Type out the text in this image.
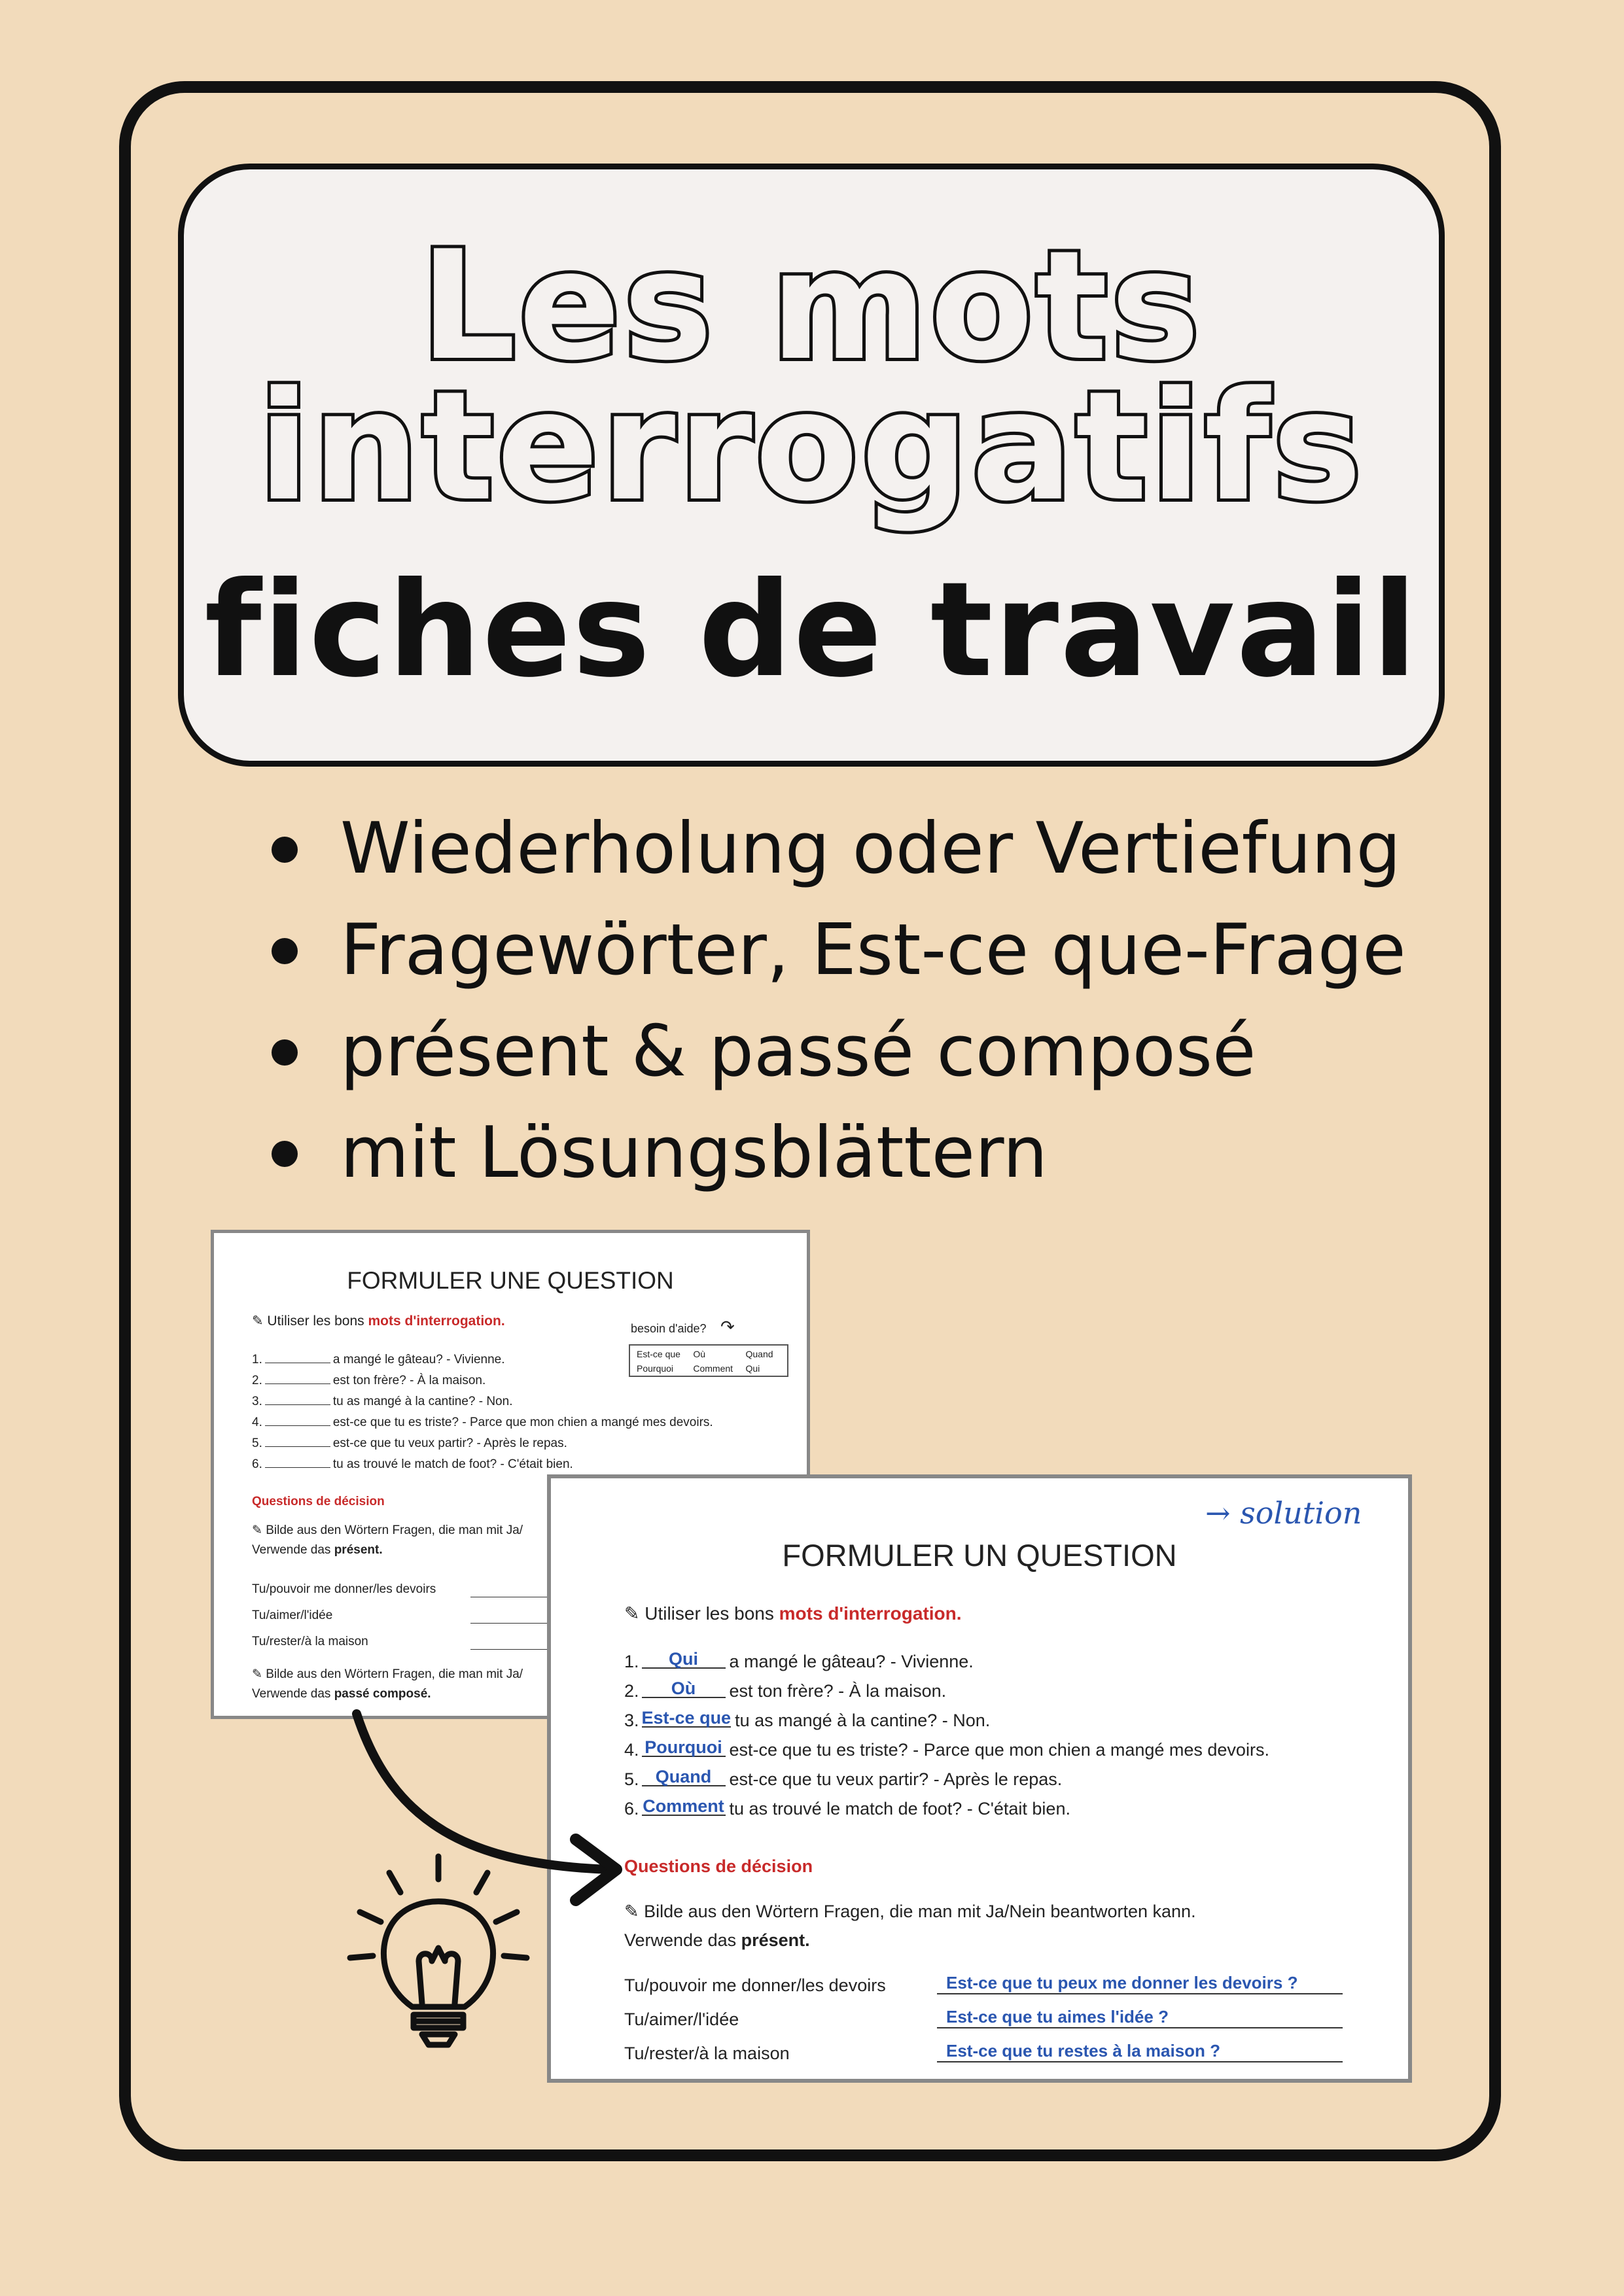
Les mots
interrogatifs
fiches de travail
Wiederholung oder Vertiefung
Fragewörter, Est-ce que-Frage
présent & passé composé
mit Lösungsblättern
FORMULER UNE QUESTION
✎ Utiliser les bons mots d'interrogation.	besoin d'aide? ↷
Est-ce que	Où	Quand
Pourquoi	Comment	Qui
1.	a mangé le gâteau? - Vivienne.
2.	est ton frère? - À la maison.
3.	tu as mangé à la cantine? - Non.
4.	est-ce que tu es triste? - Parce que mon chien a mangé mes devoirs.
5.	est-ce que tu veux partir? - Après le repas.
6.	tu as trouvé le match de foot? - C'était bien.
Questions de décision
✎ Bilde aus den Wörtern Fragen, die man mit Ja/
Verwende das présent.
Tu/pouvoir me donner/les devoirs
Tu/aimer/l'idée
Tu/rester/à la maison
✎ Bilde aus den Wörtern Fragen, die man mit Ja/
Verwende das passé composé.
→ solution
FORMULER UN QUESTION
✎ Utiliser les bons mots d'interrogation.
1. Qui a mangé le gâteau? - Vivienne.
2. Où est ton frère? - À la maison.
3. Est-ce que tu as mangé à la cantine? - Non.
4. Pourquoi est-ce que tu es triste? - Parce que mon chien a mangé mes devoirs.
5. Quand est-ce que tu veux partir? - Après le repas.
6. Comment tu as trouvé le match de foot? - C'était bien.
Questions de décision
✎ Bilde aus den Wörtern Fragen, die man mit Ja/Nein beantworten kann.
Verwende das présent.
Tu/pouvoir me donner/les devoirs	Est-ce que tu peux me donner les devoirs ?
Tu/aimer/l'idée	Est-ce que tu aimes l'idée ?
Tu/rester/à la maison	Est-ce que tu restes à la maison ?
